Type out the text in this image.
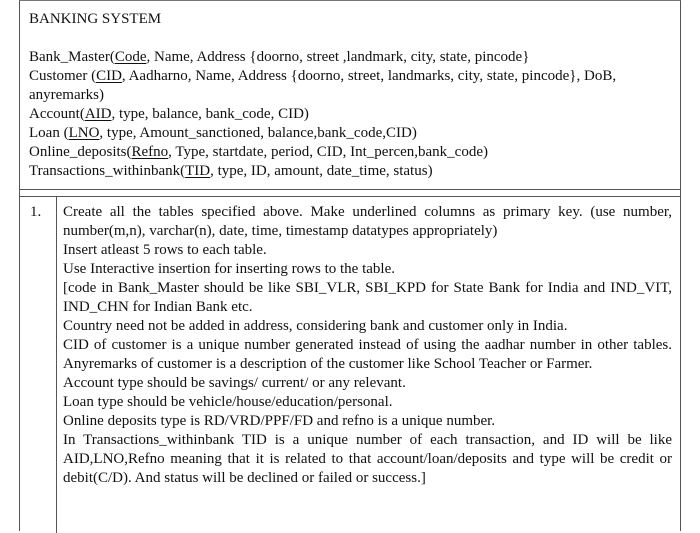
BANKING SYSTEM
Bank_Master(Code, Name, Address {doorno, street ,landmark, city, state, pincode}
Customer (CID, Aadharno, Name, Address {doorno, street, landmarks, city, state, pincode}, DoB, anyremarks)
Account(AID, type, balance, bank_code, CID)
Loan (LNO, type, Amount_sanctioned, balance,bank_code,CID)
Online_deposits(Refno, Type, startdate, period, CID, Int_percen,bank_code)
Transactions_withinbank(TID, type, ID, amount, date_time, status)
1.	Create all the tables specified above. Make underlined columns as primary key. (use number, number(m,n), varchar(n), date, time, timestamp datatypes appropriately)
Insert atleast 5 rows to each table.
Use Interactive insertion for inserting rows to the table.
[code in Bank_Master should be like SBI_VLR, SBI_KPD for State Bank for India and IND_VIT, IND_CHN for Indian Bank etc.
Country need not be added in address, considering bank and customer only in India.
CID of customer is a unique number generated instead of using the aadhar number in other tables. Anyremarks of customer is a description of the customer like School Teacher or Farmer.
Account type should be savings/ current/ or any relevant.
Loan type should be vehicle/house/education/personal.
Online deposits type is RD/VRD/PPF/FD and refno is a unique number.
In Transactions_withinbank TID is a unique number of each transaction, and ID will be like AID,LNO,Refno meaning that it is related to that account/loan/deposits and type will be credit or debit(C/D). And status will be declined or failed or success.]
